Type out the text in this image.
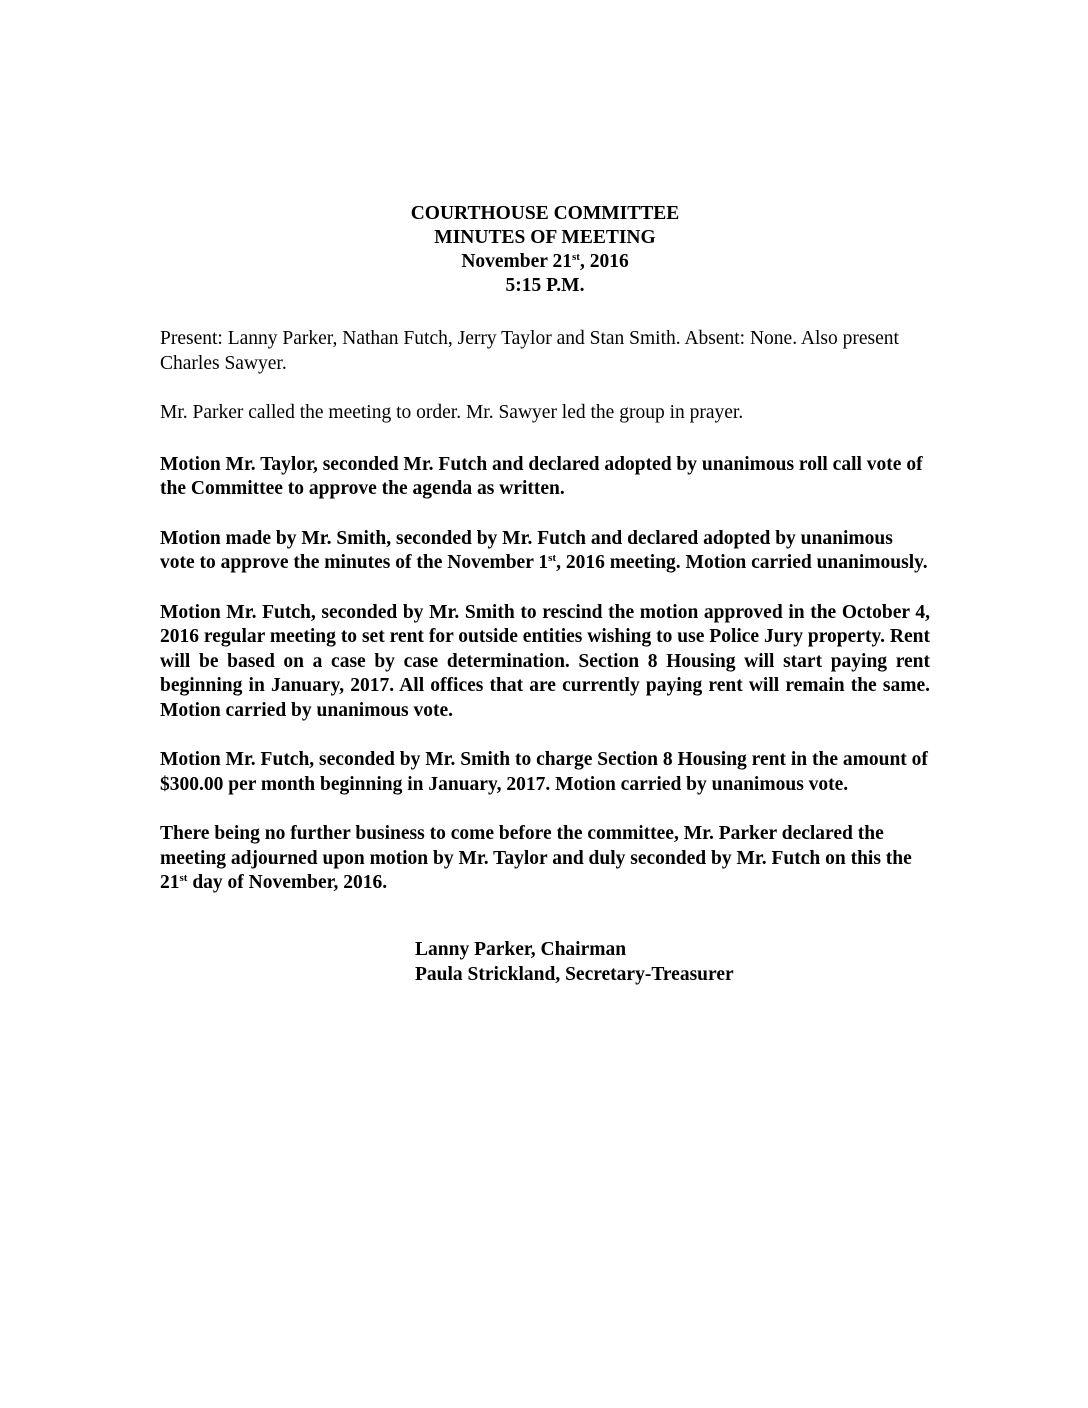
COURTHOUSE COMMITTEE
MINUTES OF MEETING
November 21st, 2016
5:15 P.M.

Present: Lanny Parker, Nathan Futch, Jerry Taylor and Stan Smith. Absent: None. Also present Charles Sawyer.

Mr. Parker called the meeting to order. Mr. Sawyer led the group in prayer.

Motion Mr. Taylor, seconded Mr. Futch and declared adopted by unanimous roll call vote of the Committee to approve the agenda as written.

Motion made by Mr. Smith, seconded by Mr. Futch and declared adopted by unanimous vote to approve the minutes of the November 1st, 2016 meeting. Motion carried unanimously.

Motion Mr. Futch, seconded by Mr. Smith to rescind the motion approved in the October 4, 2016 regular meeting to set rent for outside entities wishing to use Police Jury property. Rent will be based on a case by case determination. Section 8 Housing will start paying rent beginning in January, 2017. All offices that are currently paying rent will remain the same. Motion carried by unanimous vote.

Motion Mr. Futch, seconded by Mr. Smith to charge Section 8 Housing rent in the amount of $300.00 per month beginning in January, 2017. Motion carried by unanimous vote.

There being no further business to come before the committee, Mr. Parker declared the meeting adjourned upon motion by Mr. Taylor and duly seconded by Mr. Futch on this the 21st day of November, 2016.

Lanny Parker, Chairman
Paula Strickland, Secretary-Treasurer
